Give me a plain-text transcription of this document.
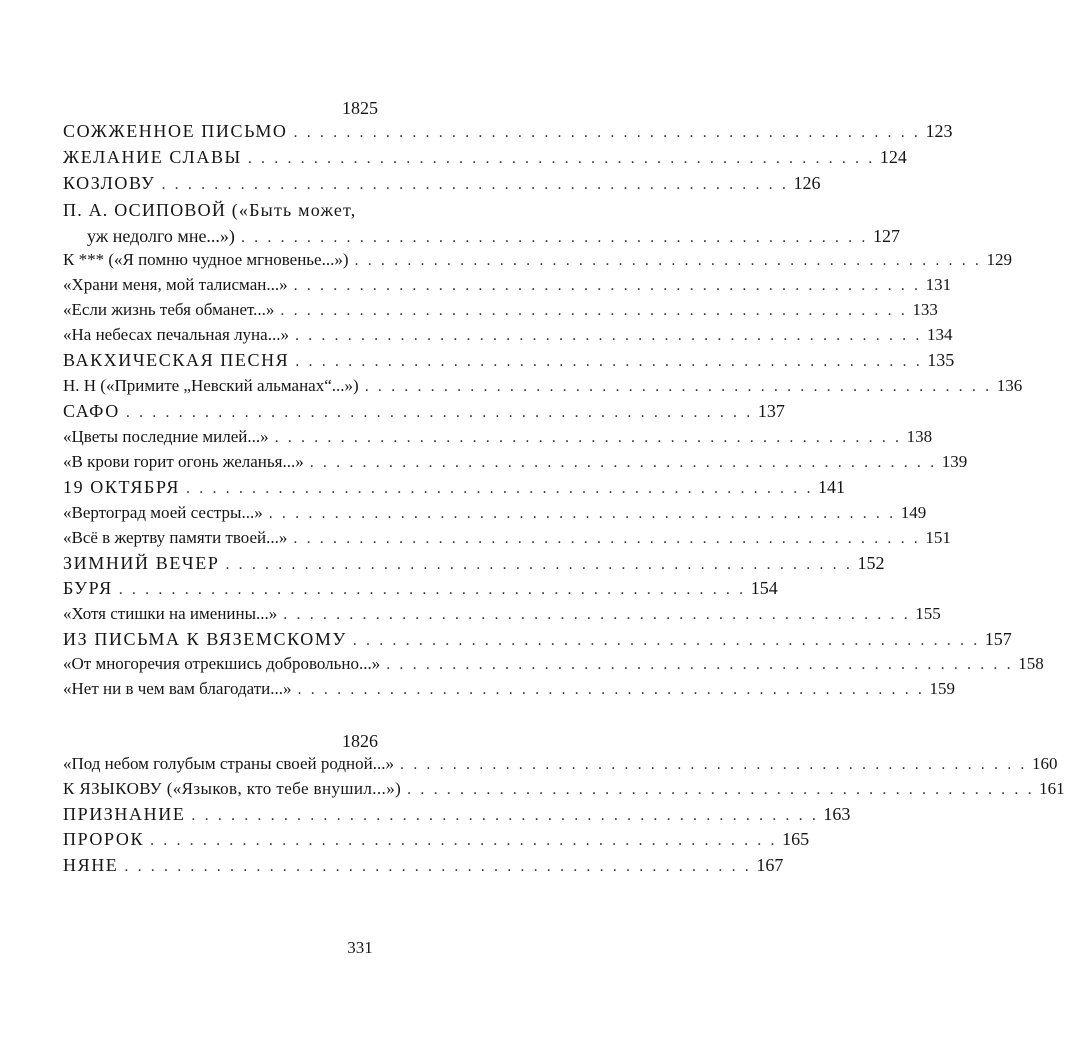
1825
СОЖЖЕННОЕ ПИСЬМО . . . . . . . . . . . . . . . . . . . . . . . . . . . . . . . . . . . . . . . . . . . . . . . . 123
ЖЕЛАНИЕ СЛАВЫ . . . . . . . . . . . . . . . . . . . . . . . . . . . . . . . . . . . . . . . . . . . . . . . . 124
КОЗЛОВУ . . . . . . . . . . . . . . . . . . . . . . . . . . . . . . . . . . . . . . . . . . . . . . . . 126
П. А. ОСИПОВОЙ («Быть может,
уж недолго мне...») . . . . . . . . . . . . . . . . . . . . . . . . . . . . . . . . . . . . . . . . . . . . . . . . 127
К *** («Я помню чудное мгновенье...») . . . . . . . . . . . . . . . . . . . . . . . . . . . . . . . . . . . . . . . . . . . . . . . . 129
«Храни меня, мой талисман...» . . . . . . . . . . . . . . . . . . . . . . . . . . . . . . . . . . . . . . . . . . . . . . . . 131
«Если жизнь тебя обманет...» . . . . . . . . . . . . . . . . . . . . . . . . . . . . . . . . . . . . . . . . . . . . . . . . 133
«На небесах печальная луна...» . . . . . . . . . . . . . . . . . . . . . . . . . . . . . . . . . . . . . . . . . . . . . . . . 134
ВАКХИЧЕСКАЯ ПЕСНЯ . . . . . . . . . . . . . . . . . . . . . . . . . . . . . . . . . . . . . . . . . . . . . . . . 135
Н. Н («Примите „Невский альманах“...») . . . . . . . . . . . . . . . . . . . . . . . . . . . . . . . . . . . . . . . . . . . . . . . . 136
САФО . . . . . . . . . . . . . . . . . . . . . . . . . . . . . . . . . . . . . . . . . . . . . . . . 137
«Цветы последние милей...» . . . . . . . . . . . . . . . . . . . . . . . . . . . . . . . . . . . . . . . . . . . . . . . . 138
«В крови горит огонь желанья...» . . . . . . . . . . . . . . . . . . . . . . . . . . . . . . . . . . . . . . . . . . . . . . . . 139
19 ОКТЯБРЯ . . . . . . . . . . . . . . . . . . . . . . . . . . . . . . . . . . . . . . . . . . . . . . . . 141
«Вертоград моей сестры...» . . . . . . . . . . . . . . . . . . . . . . . . . . . . . . . . . . . . . . . . . . . . . . . . 149
«Всё в жертву памяти твоей...» . . . . . . . . . . . . . . . . . . . . . . . . . . . . . . . . . . . . . . . . . . . . . . . . 151
ЗИМНИЙ ВЕЧЕР . . . . . . . . . . . . . . . . . . . . . . . . . . . . . . . . . . . . . . . . . . . . . . . . 152
БУРЯ . . . . . . . . . . . . . . . . . . . . . . . . . . . . . . . . . . . . . . . . . . . . . . . . 154
«Хотя стишки на именины...» . . . . . . . . . . . . . . . . . . . . . . . . . . . . . . . . . . . . . . . . . . . . . . . . 155
ИЗ ПИСЬМА К ВЯЗЕМСКОМУ . . . . . . . . . . . . . . . . . . . . . . . . . . . . . . . . . . . . . . . . . . . . . . . . 157
«От многоречия отрекшись добровольно...» . . . . . . . . . . . . . . . . . . . . . . . . . . . . . . . . . . . . . . . . . . . . . . . . 158
«Нет ни в чем вам благодати...» . . . . . . . . . . . . . . . . . . . . . . . . . . . . . . . . . . . . . . . . . . . . . . . . 159
1826
«Под небом голубым страны своей родной...» . . . . . . . . . . . . . . . . . . . . . . . . . . . . . . . . . . . . . . . . . . . . . . . . 160
К ЯЗЫКОВУ («Языков, кто тебе внушил...») . . . . . . . . . . . . . . . . . . . . . . . . . . . . . . . . . . . . . . . . . . . . . . . . 161
ПРИЗНАНИЕ . . . . . . . . . . . . . . . . . . . . . . . . . . . . . . . . . . . . . . . . . . . . . . . . 163
ПРОРОК . . . . . . . . . . . . . . . . . . . . . . . . . . . . . . . . . . . . . . . . . . . . . . . . 165
НЯНЕ . . . . . . . . . . . . . . . . . . . . . . . . . . . . . . . . . . . . . . . . . . . . . . . . 167
331
